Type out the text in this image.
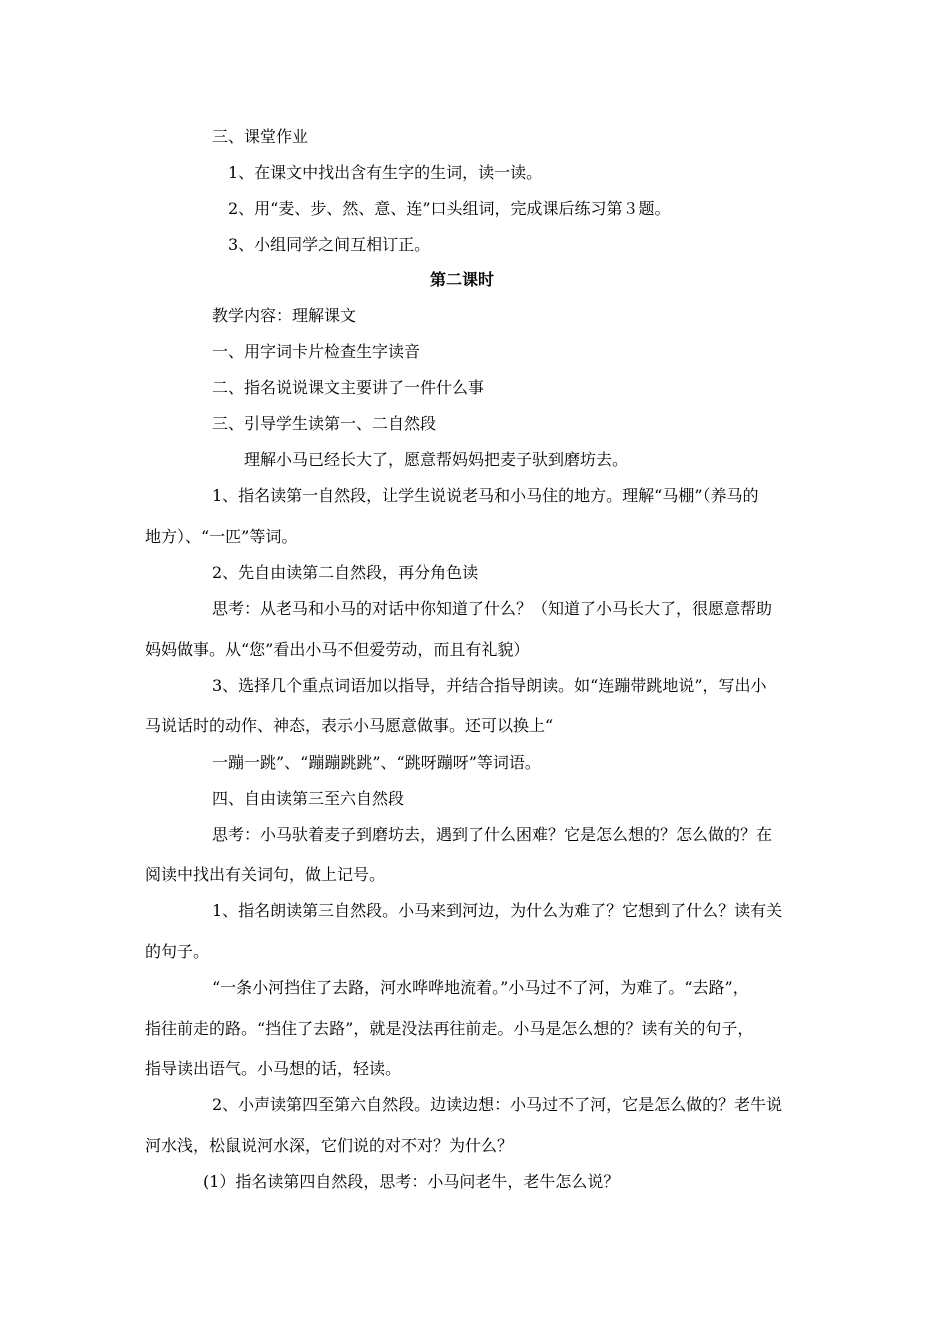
三、课堂作业
1、在课文中找出含有生字的生词，读一读。
2、用“麦、步、然、意、连”口头组词，完成课后练习第３题。
3、小组同学之间互相订正。
第二课时
教学内容：理解课文
一、用字词卡片检查生字读音
二、指名说说课文主要讲了一件什么事
三、引导学生读第一、二自然段
理解小马已经长大了，愿意帮妈妈把麦子驮到磨坊去。
1、指名读第一自然段，让学生说说老马和小马住的地方。理解“马棚”（养马的
地方）、“一匹”等词。
2、先自由读第二自然段，再分角色读
思考：从老马和小马的对话中你知道了什么？（知道了小马长大了，很愿意帮助
妈妈做事。从“您”看出小马不但爱劳动，而且有礼貌）
3、选择几个重点词语加以指导，并结合指导朗读。如“连蹦带跳地说”，写出小
马说话时的动作、神态，表示小马愿意做事。还可以换上“
一蹦一跳”、“蹦蹦跳跳”、“跳呀蹦呀”等词语。
四、自由读第三至六自然段
思考：小马驮着麦子到磨坊去，遇到了什么困难？它是怎么想的？怎么做的？在
阅读中找出有关词句，做上记号。
1、指名朗读第三自然段。小马来到河边，为什么为难了？它想到了什么？读有关
的句子。
“一条小河挡住了去路，河水哗哗地流着。”小马过不了河，为难了。“去路”，
指往前走的路。“挡住了去路”，就是没法再往前走。小马是怎么想的？读有关的句子，
指导读出语气。小马想的话，轻读。
2、小声读第四至第六自然段。边读边想：小马过不了河，它是怎么做的？老牛说
河水浅，松鼠说河水深，它们说的对不对？为什么？
(1）指名读第四自然段，思考：小马问老牛，老牛怎么说？
